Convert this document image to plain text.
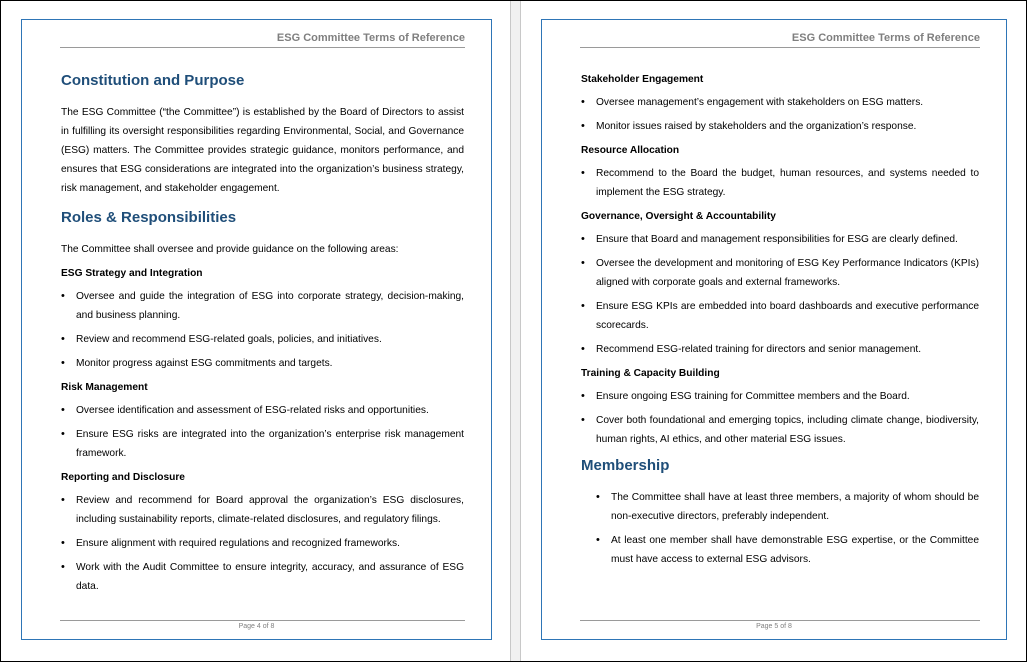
ESG Committee Terms of Reference
Constitution and Purpose

The ESG Committee (“the Committee”) is established by the Board of Directors to assist in fulfilling its oversight responsibilities regarding Environmental, Social, and Governance (ESG) matters. The Committee provides strategic guidance, monitors performance, and ensures that ESG considerations are integrated into the organization’s business strategy, risk management, and stakeholder engagement.

Roles & Responsibilities

The Committee shall oversee and provide guidance on the following areas:

ESG Strategy and Integration
• Oversee and guide the integration of ESG into corporate strategy, decision-making, and business planning.
• Review and recommend ESG-related goals, policies, and initiatives.
• Monitor progress against ESG commitments and targets.
Risk Management
• Oversee identification and assessment of ESG-related risks and opportunities.
• Ensure ESG risks are integrated into the organization’s enterprise risk management framework.
Reporting and Disclosure
• Review and recommend for Board approval the organization’s ESG disclosures, including sustainability reports, climate-related disclosures, and regulatory filings.
• Ensure alignment with required regulations and recognized frameworks.
• Work with the Audit Committee to ensure integrity, accuracy, and assurance of ESG data.
Page 4 of 8
ESG Committee Terms of Reference
Stakeholder Engagement
• Oversee management’s engagement with stakeholders on ESG matters.
• Monitor issues raised by stakeholders and the organization’s response.
Resource Allocation
• Recommend to the Board the budget, human resources, and systems needed to implement the ESG strategy.
Governance, Oversight & Accountability
• Ensure that Board and management responsibilities for ESG are clearly defined.
• Oversee the development and monitoring of ESG Key Performance Indicators (KPIs) aligned with corporate goals and external frameworks.
• Ensure ESG KPIs are embedded into board dashboards and executive performance scorecards.
• Recommend ESG-related training for directors and senior management.
Training & Capacity Building
• Ensure ongoing ESG training for Committee members and the Board.
• Cover both foundational and emerging topics, including climate change, biodiversity, human rights, AI ethics, and other material ESG issues.
Membership
• The Committee shall have at least three members, a majority of whom should be non-executive directors, preferably independent.
• At least one member shall have demonstrable ESG expertise, or the Committee must have access to external ESG advisors.
Page 5 of 8
